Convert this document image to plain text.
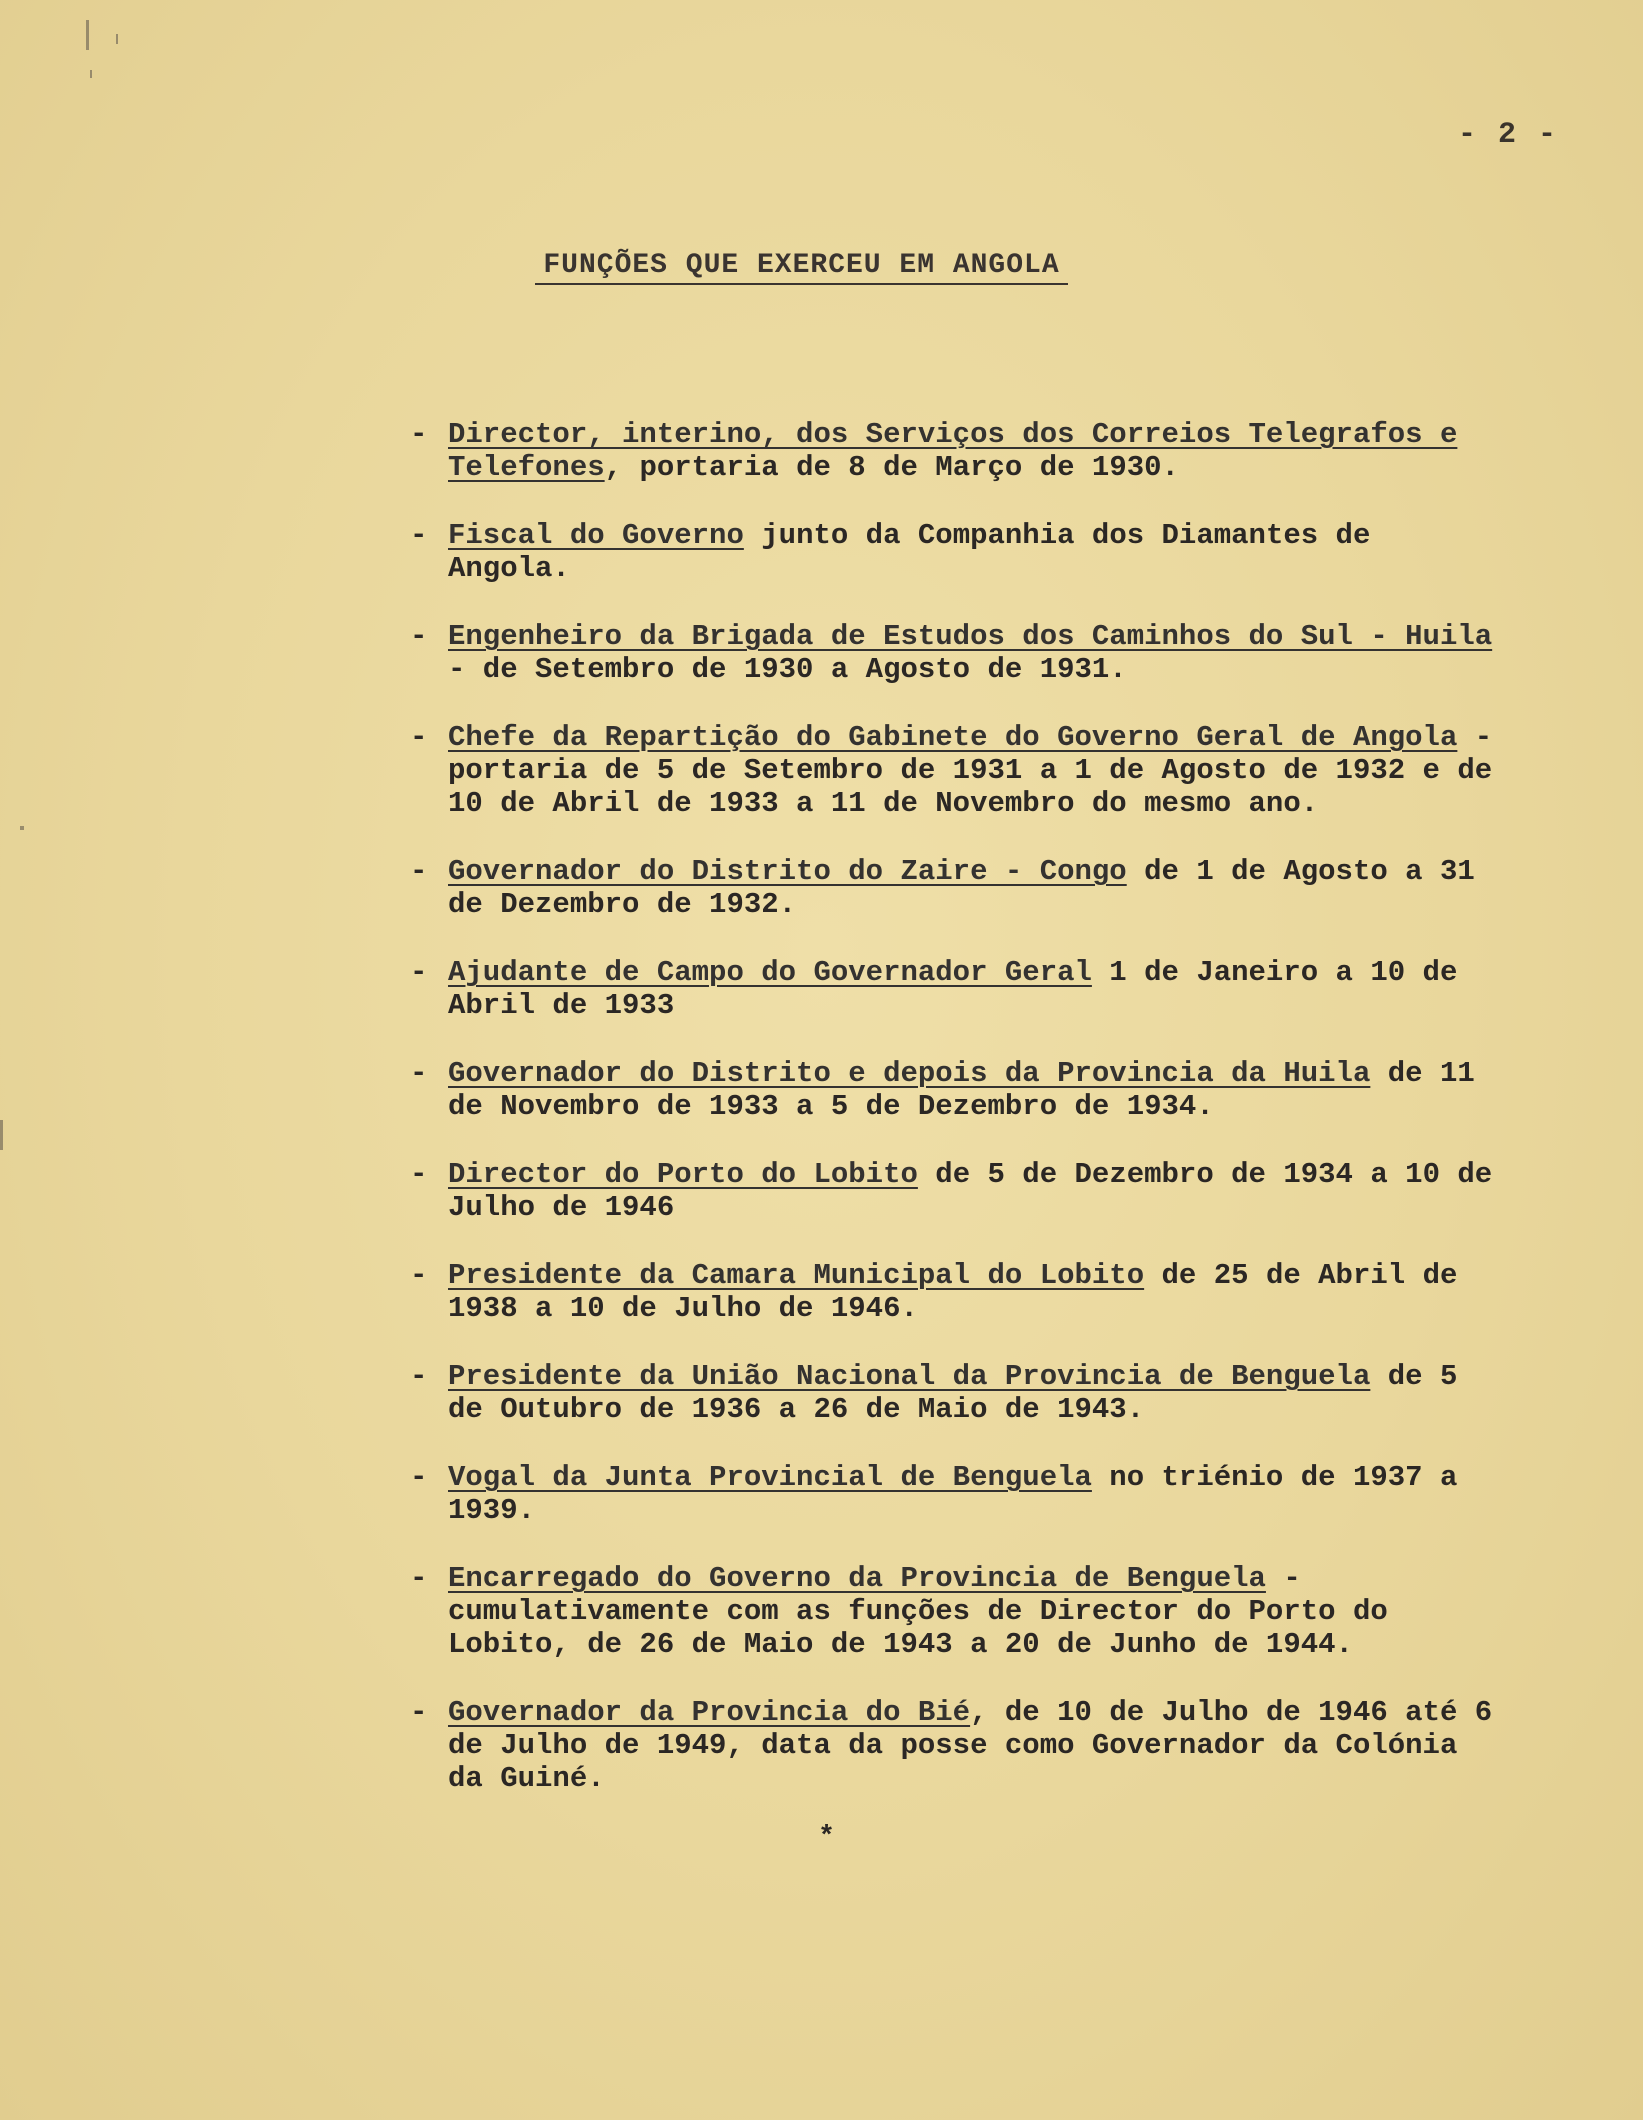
- 2 -
FUNÇÕES QUE EXERCEU EM ANGOLA
- Director, interino, dos Serviços dos Correios Telegrafos e Telefones, portaria de 8 de Março de 1930.
- Fiscal do Governo junto da Companhia dos Diamantes de Angola.
- Engenheiro da Brigada de Estudos dos Caminhos do Sul - Huila - de Setembro de 1930 a Agosto de 1931.
- Chefe da Repartição do Gabinete do Governo Geral de Angola - portaria de 5 de Setembro de 1931 a 1 de Agosto de 1932 e de 10 de Abril de 1933 a 11 de Novembro do mesmo ano.
- Governador do Distrito do Zaire - Congo de 1 de Agosto a 31 de Dezembro de 1932.
- Ajudante de Campo do Governador Geral 1 de Janeiro a 10 de Abril de 1933
- Governador do Distrito e depois da Provincia da Huila de 11 de Novembro de 1933 a 5 de Dezembro de 1934.
- Director do Porto do Lobito de 5 de Dezembro de 1934 a 10 de Julho de 1946
- Presidente da Camara Municipal do Lobito de 25 de Abril de 1938 a 10 de Julho de 1946.
- Presidente da União Nacional da Provincia de Benguela de 5 de Outubro de 1936 a 26 de Maio de 1943.
- Vogal da Junta Provincial de Benguela no triénio de 1937 a 1939.
- Encarregado do Governo da Provincia de Benguela - cumulativamente com as funções de Director do Porto do Lobito, de 26 de Maio de 1943 a 20 de Junho de 1944.
- Governador da Provincia do Bié, de 10 de Julho de 1946 até 6 de Julho de 1949, data da posse como Governador da Colónia da Guiné.
*
